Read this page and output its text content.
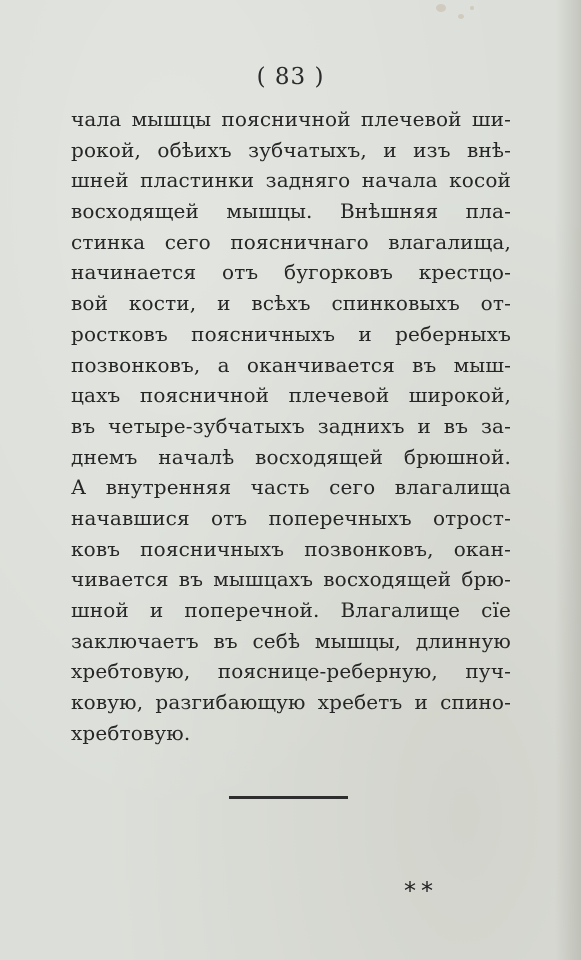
( 83 )
чала мышцы поясничной плечевой ши-
рокой, обѣихъ зубчатыхъ, и изъ внѣ-
шней пластинки задняго начала косой
восходящей мышцы. Внѣшняя пла-
стинка сего поясничнаго влагалища,
начинается отъ бугорковъ крестцо-
вой кости, и всѣхъ спинковыхъ от-
ростковъ поясничныхъ и реберныхъ
позвонковъ, а оканчивается въ мыш-
цахъ поясничной плечевой широкой,
въ четыре-зубчатыхъ заднихъ и въ за-
днемъ началѣ восходящей брюшной.
А внутренняя часть сего влагалища
начавшися отъ поперечныхъ отрост-
ковъ поясничныхъ позвонковъ, окан-
чивается въ мышцахъ восходящей брю-
шной и поперечной. Влагалище сїе
заключаетъ въ себѣ мышцы, длинную
хребтовую, пояснице-реберную, пуч-
ковую, разгибающую хребетъ и спино-
хребтовую.
**
